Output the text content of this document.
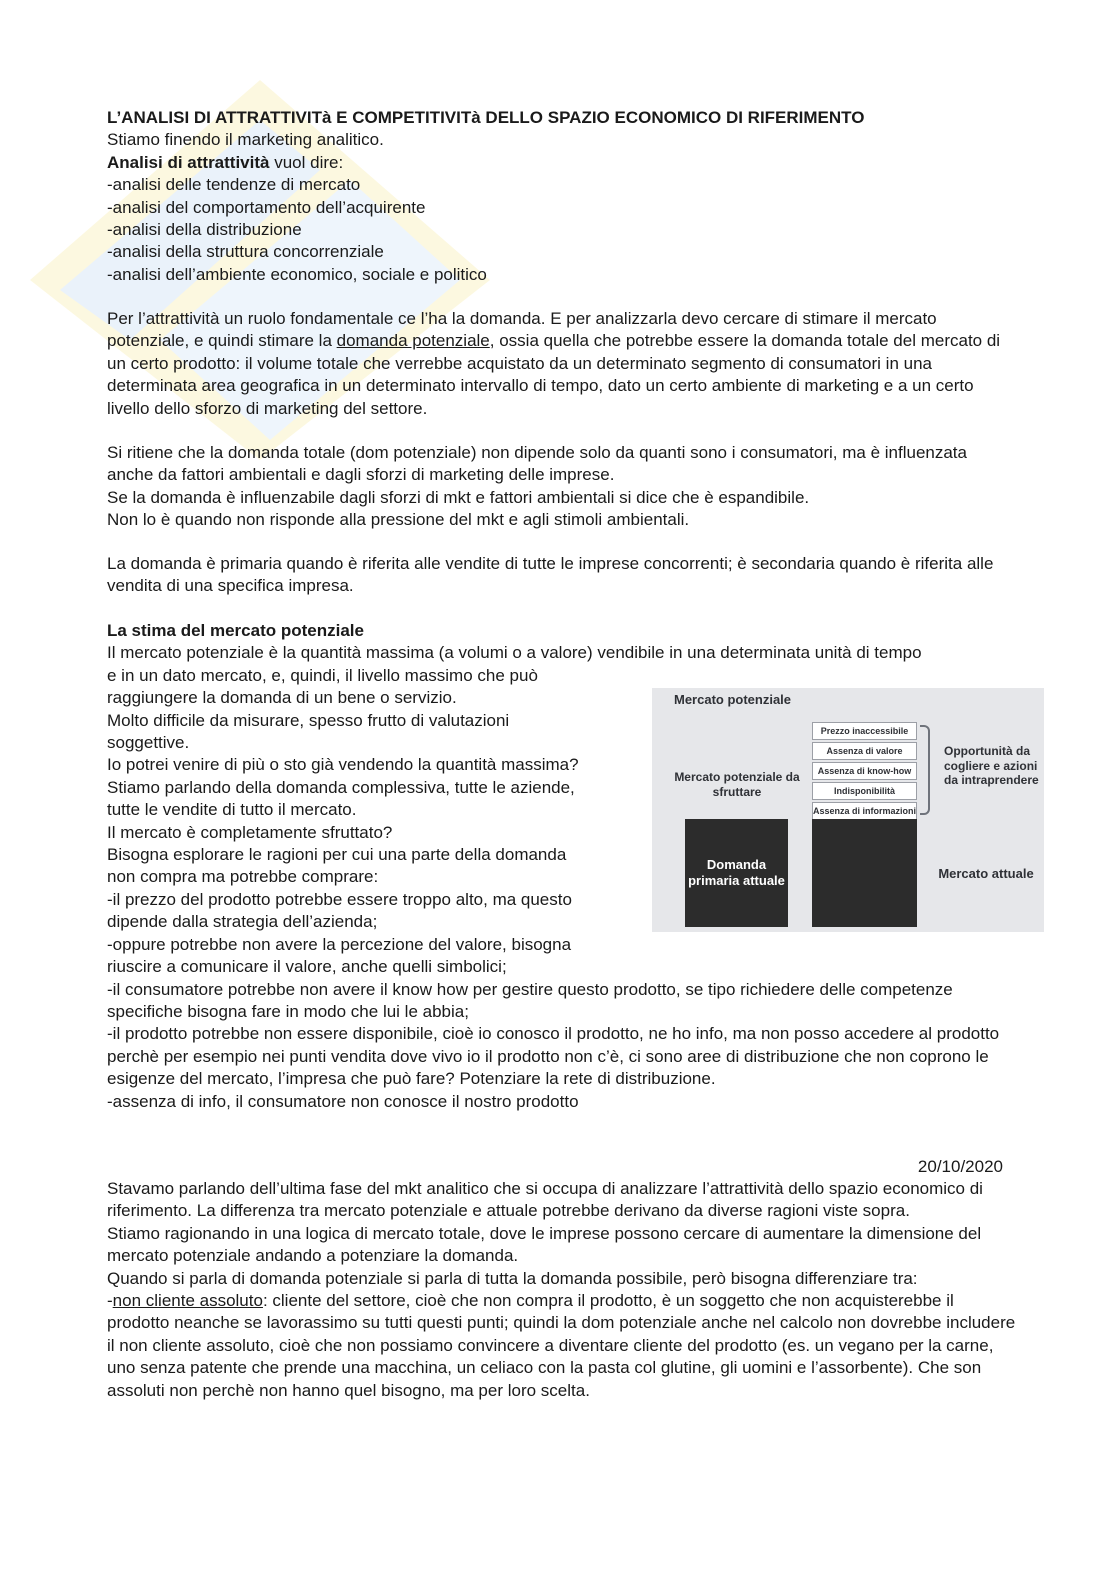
L’ANALISI DI ATTRATTIVITà E COMPETITIVITà DELLO SPAZIO ECONOMICO DI RIFERIMENTO

Stiamo finendo il marketing analitico.

Analisi di attrattività vuol dire:

-analisi delle tendenze di mercato

-analisi del comportamento dell’acquirente

-analisi della distribuzione

-analisi della struttura concorrenziale

-analisi dell’ambiente economico, sociale e politico

Per l’attrattività un ruolo fondamentale ce l’ha la domanda. E per analizzarla devo cercare di stimare il mercato potenziale, e quindi stimare la domanda potenziale, ossia quella che potrebbe essere la domanda totale del mercato di un certo prodotto: il volume totale che verrebbe acquistato da un determinato segmento di consumatori in una determinata area geografica in un determinato intervallo di tempo, dato un certo ambiente di marketing e a un certo livello dello sforzo di marketing del settore.

Si ritiene che la domanda totale (dom potenziale) non dipende solo da quanti sono i consumatori, ma è influenzata anche da fattori ambientali e dagli sforzi di marketing delle imprese.

Se la domanda è influenzabile dagli sforzi di mkt e fattori ambientali si dice che è espandibile.

Non lo è quando non risponde alla pressione del mkt e agli stimoli ambientali.

La domanda è primaria quando è riferita alle vendite di tutte le imprese concorrenti; è secondaria quando è riferita alle vendita di una specifica impresa.

La stima del mercato potenziale

Il mercato potenziale è la quantità massima (a volumi o a valore) vendibile in una determinata unità di tempo

e in un dato mercato, e, quindi, il livello massimo che può

raggiungere la domanda di un bene o servizio.

Molto difficile da misurare, spesso frutto di valutazioni

soggettive.

Io potrei venire di più o sto già vendendo la quantità massima?

Stiamo parlando della domanda complessiva, tutte le aziende,

tutte le vendite di tutto il mercato.

Il mercato è completamente sfruttato?

Bisogna esplorare le ragioni per cui una parte della domanda

non compra ma potrebbe comprare:

-il prezzo del prodotto potrebbe essere troppo alto, ma questo

dipende dalla strategia dell’azienda;

-oppure potrebbe non avere la percezione del valore, bisogna

riuscire a comunicare il valore, anche quelli simbolici;

-il consumatore potrebbe non avere il know how per gestire questo prodotto, se tipo richiedere delle competenze specifiche bisogna fare in modo che lui le abbia;

-il prodotto potrebbe non essere disponibile, cioè io conosco il prodotto, ne ho info, ma non posso accedere al prodotto perchè per esempio nei punti vendita dove vivo io il prodotto non c’è, ci sono aree di distribuzione che non coprono le esigenze del mercato, l’impresa che può fare? Potenziare la rete di distribuzione.

-assenza di info, il consumatore non conosce il nostro prodotto

Mercato potenziale
Mercato potenziale da sfruttare
Prezzo inaccessibile
Assenza di valore
Assenza di know-how
Indisponibilità
Assenza di informazioni
Opportunità da cogliere e azioni da intraprendere
Domanda primaria attuale	Mercato attuale
20/10/2020

Stavamo parlando dell’ultima fase del mkt analitico che si occupa di analizzare l’attrattività dello spazio economico di riferimento. La differenza tra mercato potenziale e attuale potrebbe derivano da diverse ragioni viste sopra.

Stiamo ragionando in una logica di mercato totale, dove le imprese possono cercare di aumentare la dimensione del mercato potenziale andando a potenziare la domanda.

Quando si parla di domanda potenziale si parla di tutta la domanda possibile, però bisogna differenziare tra:

-non cliente assoluto: cliente del settore, cioè che non compra il prodotto, è un soggetto che non acquisterebbe il prodotto neanche se lavorassimo su tutti questi punti; quindi la dom potenziale anche nel calcolo non dovrebbe includere il non cliente assoluto, cioè che non possiamo convincere a diventare cliente del prodotto (es. un vegano per la carne, uno senza patente che prende una macchina, un celiaco con la pasta col glutine, gli uomini e l’assorbente). Che son assoluti non perchè non hanno quel bisogno, ma per loro scelta.
